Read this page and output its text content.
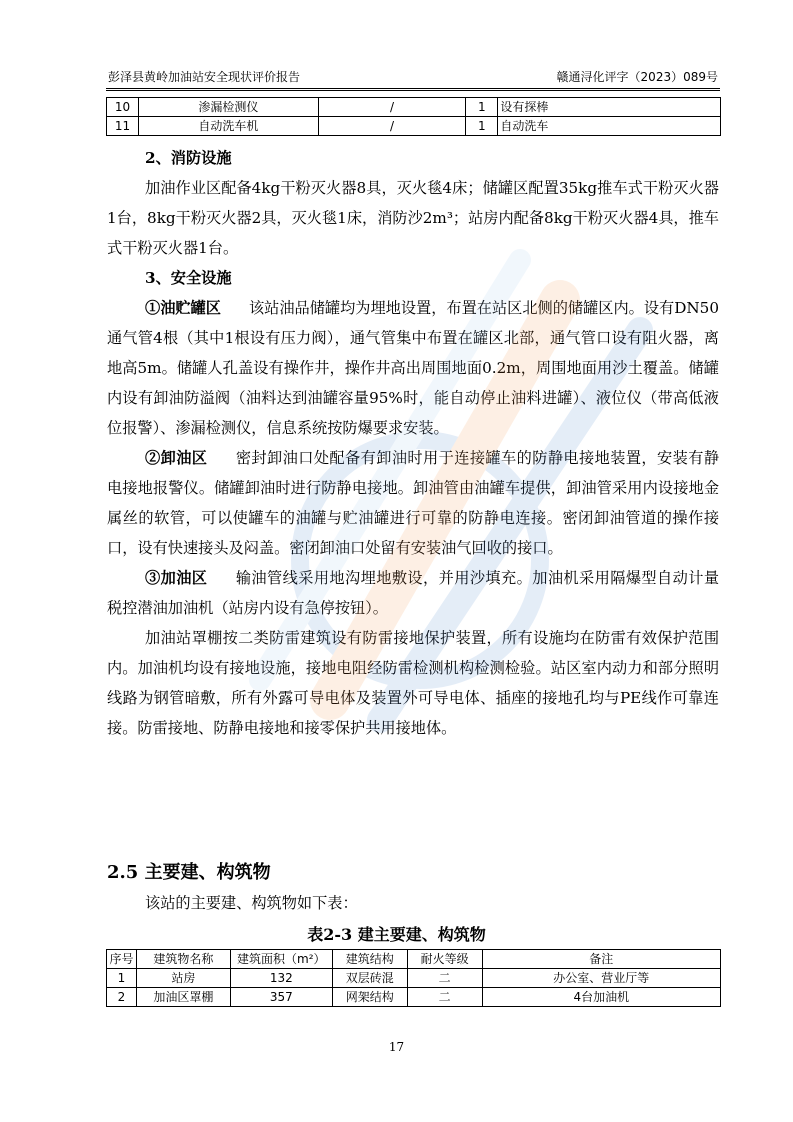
彭泽县黄岭加油站安全现状评价报告	赣通浔化评字（2023）089号
10	渗漏检测仪	/	1	设有探棒
11	自动洗车机	/	1	自动洗车

2、消防设施

加油作业区配备4kg干粉灭火器8具，灭火毯4床；储罐区配置35kg推车式干粉灭火器1台，8kg干粉灭火器2具，灭火毯1床，消防沙2m³；站房内配备8kg干粉灭火器4具，推车式干粉灭火器1台。

3、安全设施

①油贮罐区 该站油品储罐均为埋地设置，布置在站区北侧的储罐区内。设有DN50通气管4根（其中1根设有压力阀），通气管集中布置在罐区北部，通气管口设有阻火器，离地高5m。储罐人孔盖设有操作井，操作井高出周围地面0.2m，周围地面用沙土覆盖。储罐内设有卸油防溢阀（油料达到油罐容量95%时，能自动停止油料进罐）、液位仪（带高低液位报警）、渗漏检测仪，信息系统按防爆要求安装。

②卸油区 密封卸油口处配备有卸油时用于连接罐车的防静电接地装置，安装有静电接地报警仪。储罐卸油时进行防静电接地。卸油管由油罐车提供，卸油管采用内设接地金属丝的软管，可以使罐车的油罐与贮油罐进行可靠的防静电连接。密闭卸油管道的操作接口，设有快速接头及闷盖。密闭卸油口处留有安装油气回收的接口。

③加油区 输油管线采用地沟埋地敷设，并用沙填充。加油机采用隔爆型自动计量税控潜油加油机（站房内设有急停按钮）。

加油站罩棚按二类防雷建筑设有防雷接地保护装置，所有设施均在防雷有效保护范围内。加油机均设有接地设施，接地电阻经防雷检测机构检测检验。站区室内动力和部分照明线路为钢管暗敷，所有外露可导电体及装置外可导电体、插座的接地孔均与PE线作可靠连接。防雷接地、防静电接地和接零保护共用接地体。

2.5 主要建、构筑物

该站的主要建、构筑物如下表：

表2-3 建主要建、构筑物
序号	建筑物名称	建筑面积（m²）	建筑结构	耐火等级	备注
1	站房	132	双层砖混	二	办公室、营业厅等
2	加油区罩棚	357	网架结构	二	4台加油机
17
